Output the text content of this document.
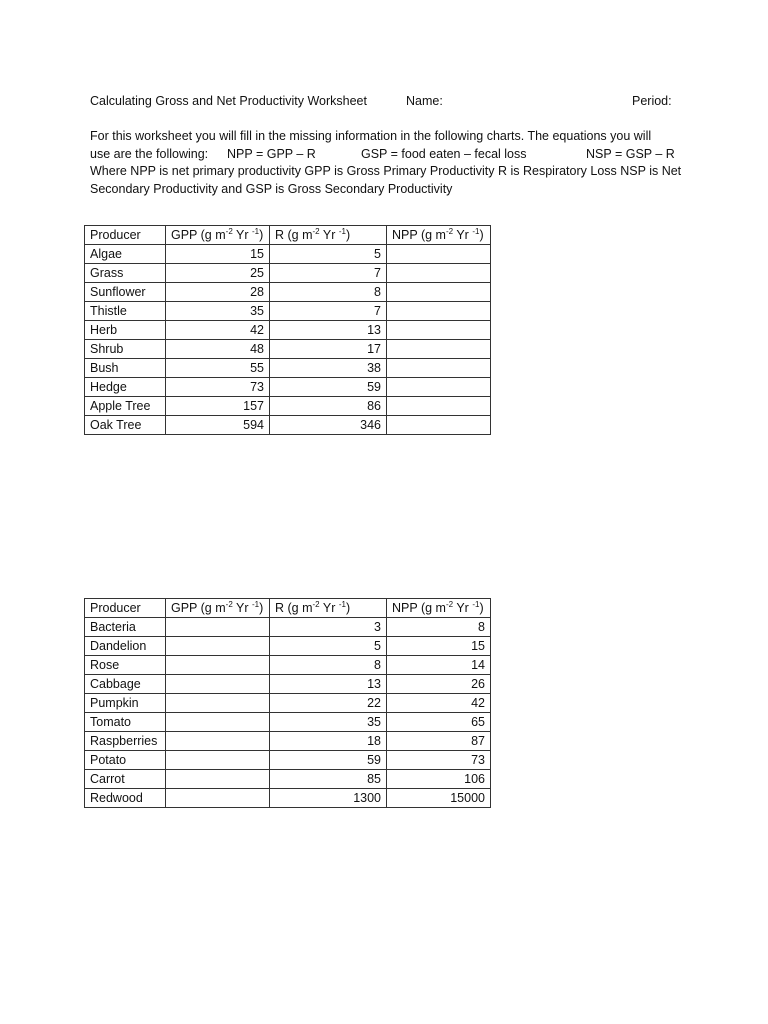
Calculating Gross and Net Productivity Worksheet	Name:	Period:

For this worksheet you will fill in the missing information in the following charts. The equations you will

use are the following: NPP = GPP – R	GSP = food eaten – fecal loss	NSP = GSP – R

Where NPP is net primary productivity GPP is Gross Primary Productivity R is Respiratory Loss NSP is Net

Secondary Productivity and GSP is Gross Secondary Productivity

Producer	GPP (g $m^{-2}$ Yr $^{-1}$)	R (g $m^{-2}$ Yr $^{-1}$)	NPP (g $m^{-2}$ Yr $^{-1}$)
Algae	15	5	
Grass	25	7	
Sunflower	28	8	
Thistle	35	7	
Herb	42	13	
Shrub	48	17	
Bush	55	38	
Hedge	73	59	
Apple Tree	157	86	
Oak Tree	594	346	
Producer	GPP (g $m^{-2}$ Yr $^{-1}$)	R (g $m^{-2}$ Yr $^{-1}$)	NPP (g $m^{-2}$ Yr $^{-1}$)
Bacteria		3	8
Dandelion		5	15
Rose		8	14
Cabbage		13	26
Pumpkin		22	42
Tomato		35	65
Raspberries		18	87
Potato		59	73
Carrot		85	106
Redwood		1300	15000
